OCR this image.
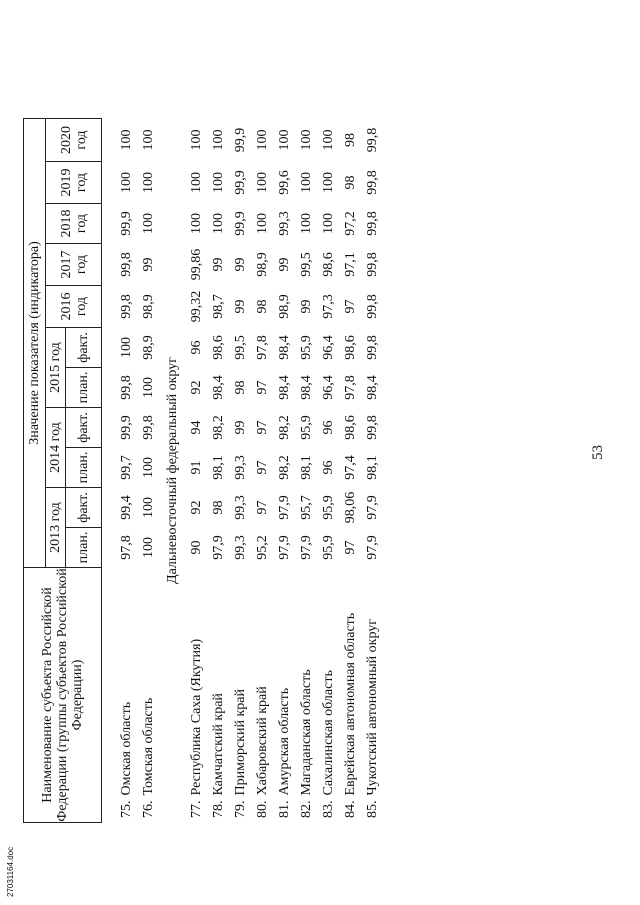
53
27031164.doc
Наименование субъекта Российской Федерации (группы субъектов Российской Федерации)		Значение показателя (индикатора)										
		2013 год		2014 год		2015 год		2016 год	2017 год	2018 год	2019 год	2020 год
		план.	факт.	план.	факт.	план.	факт.					

75.	Омская область	97,8	99,4	99,7	99,9	99,8	100	99,8	99,8	99,9	100	100
76.	Томская область	100	100	100	99,8	100	98,9	98,9	99	100	100	100
Дальневосточный федеральный округ												
77.	Республика Саха (Якутия)	90	92	91	94	92	96	99,32	99,86	100	100	100
78.	Камчатский край	97,9	98	98,1	98,2	98,4	98,6	98,7	99	100	100	100
79.	Приморский край	99,3	99,3	99,3	99	98	99,5	99	99	99,9	99,9	99,9
80.	Хабаровский край	95,2	97	97	97	97	97,8	98	98,9	100	100	100
81.	Амурская область	97,9	97,9	98,2	98,2	98,4	98,4	98,9	99	99,3	99,6	100
82.	Магаданская область	97,9	95,7	98,1	95,9	98,4	95,9	99	99,5	100	100	100
83.	Сахалинская область	95,9	95,9	96	96	96,4	96,4	97,3	98,6	100	100	100
84.	Еврейская автономная область	97	98,06	97,4	98,6	97,8	98,6	97	97,1	97,2	98	98
85.	Чукотский автономный округ	97,9	97,9	98,1	99,8	98,4	99,8	99,8	99,8	99,8	99,8	99,8
